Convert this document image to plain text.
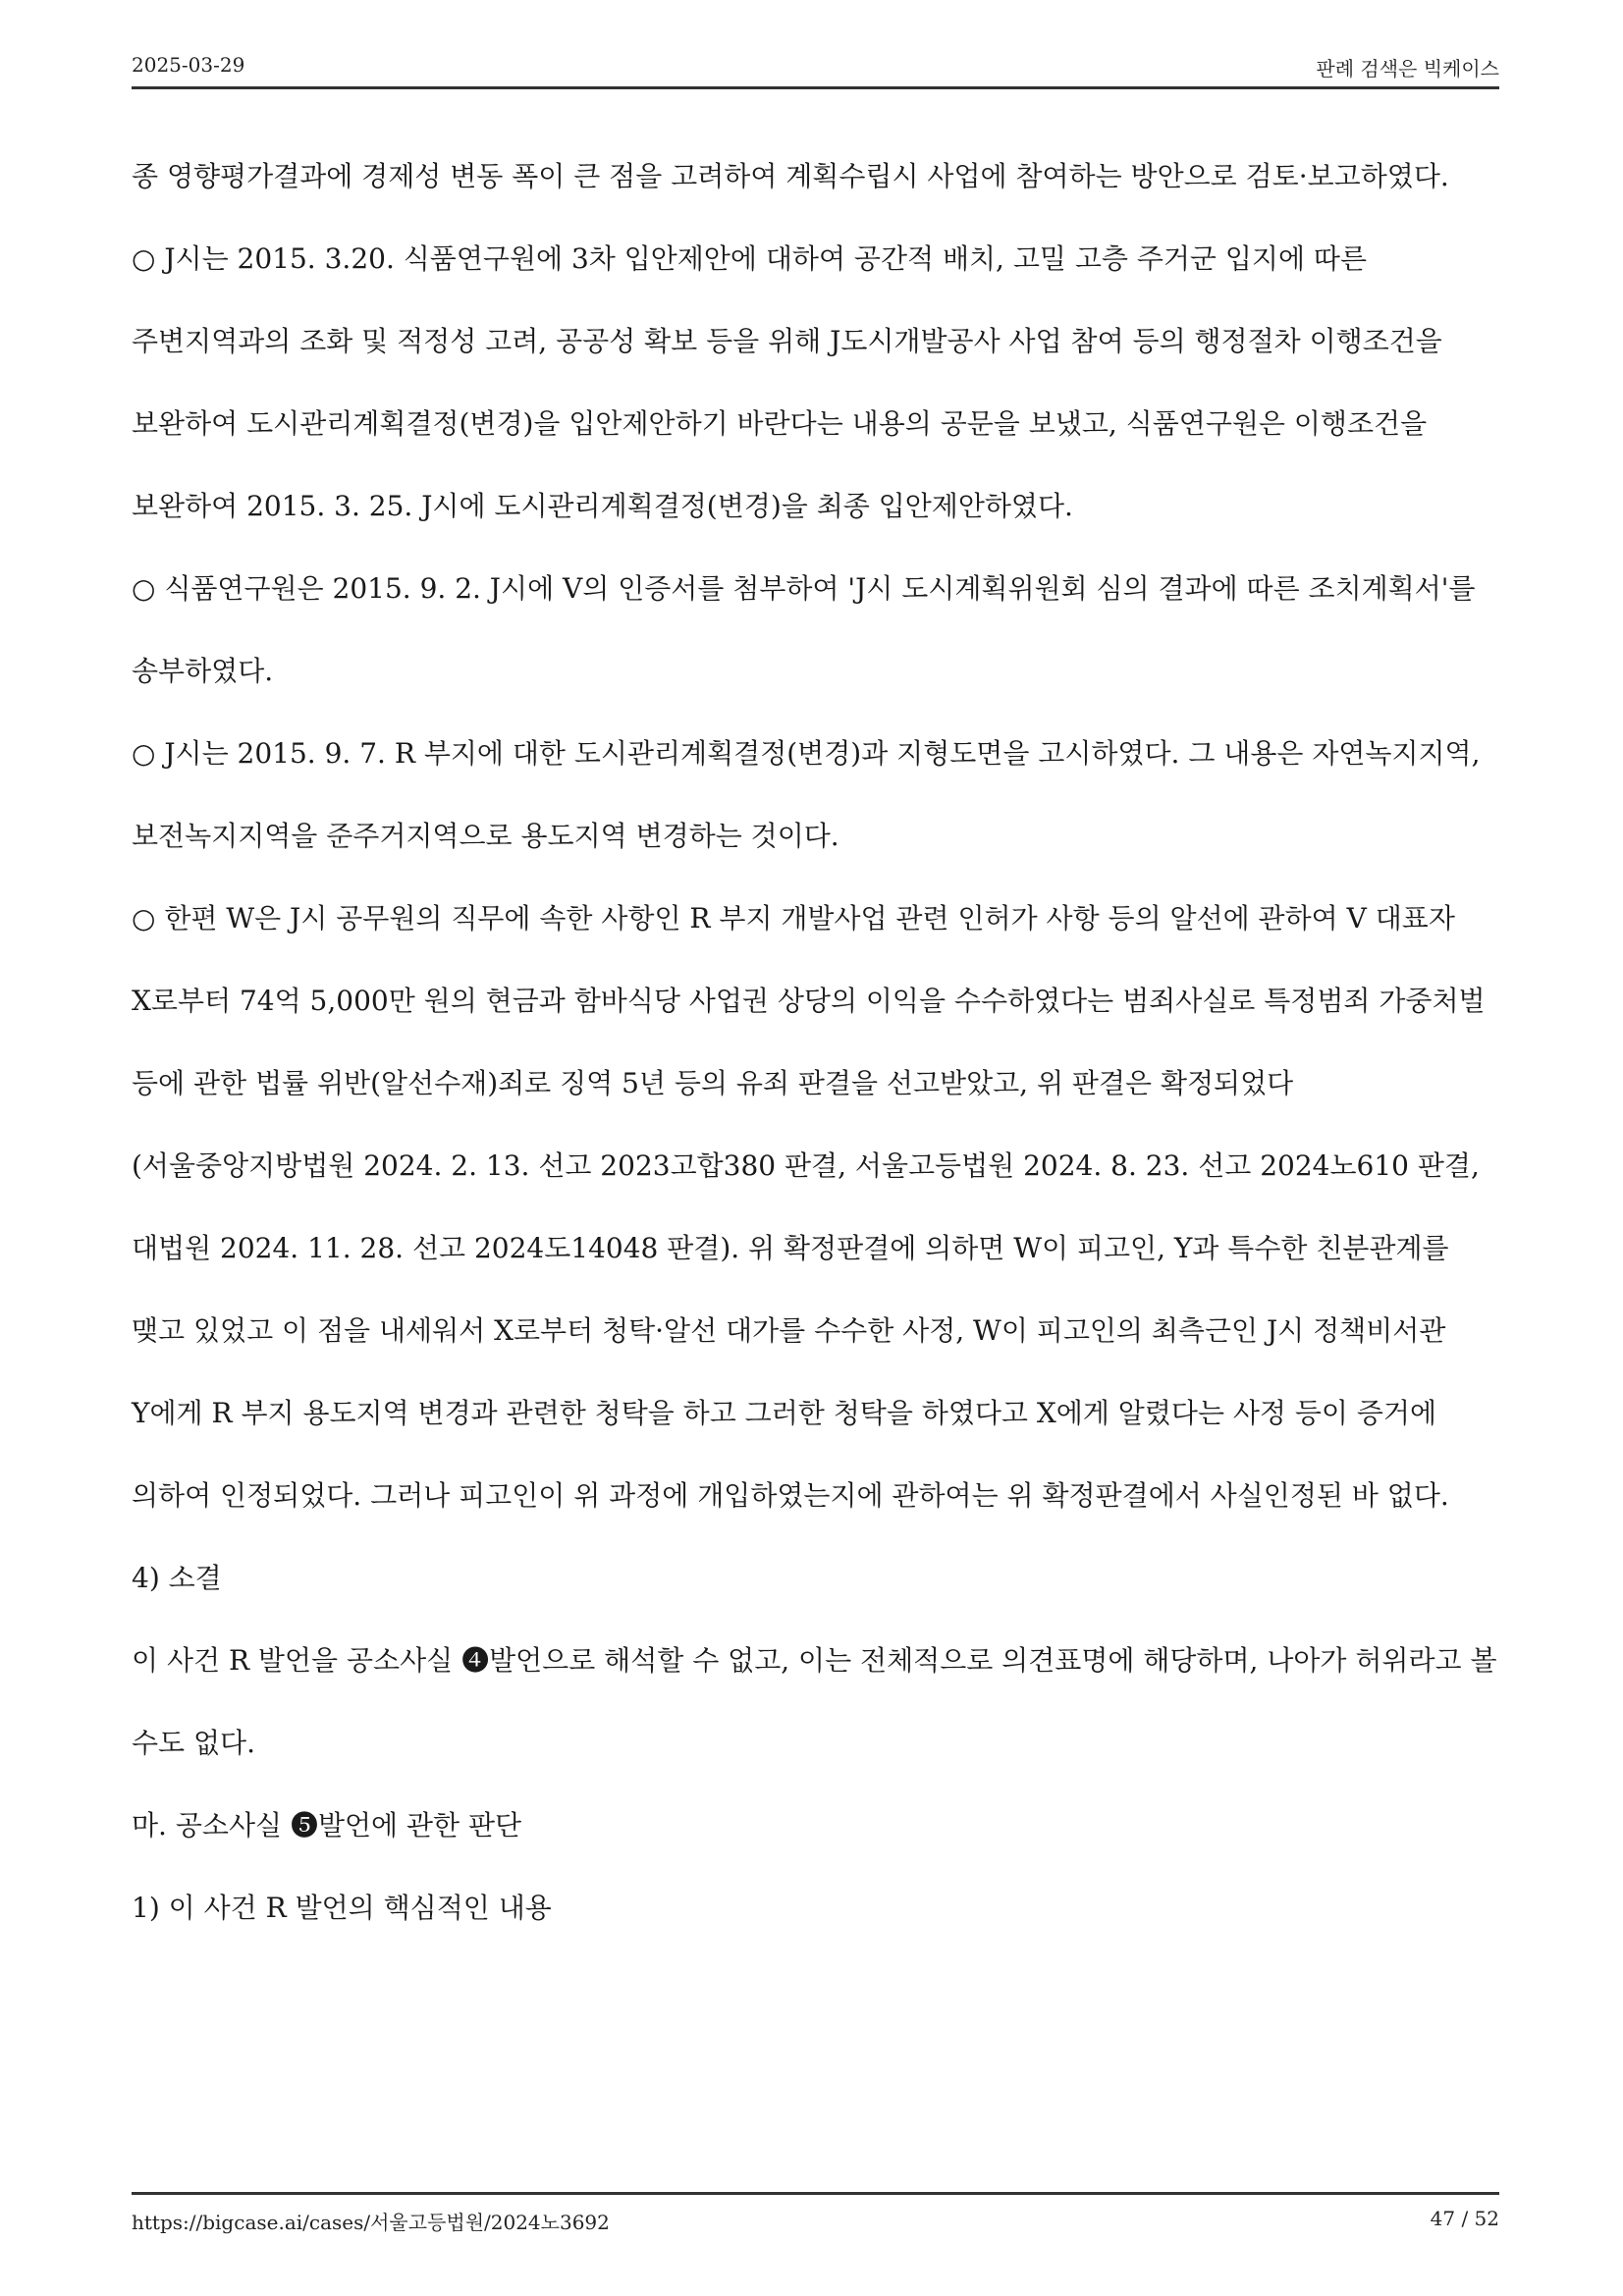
2025-03-29	판례 검색은 빅케이스

종 영향평가결과에 경제성 변동 폭이 큰 점을 고려하여 계획수립시 사업에 참여하는 방안으로 검토·보고하였다.

○ J시는 2015. 3.20. 식품연구원에 3차 입안제안에 대하여 공간적 배치, 고밀 고층 주거군 입지에 따른 주변지역과의 조화 및 적정성 고려, 공공성 확보 등을 위해 J도시개발공사 사업 참여 등의 행정절차 이행조건을 보완하여 도시관리계획결정(변경)을 입안제안하기 바란다는 내용의 공문을 보냈고, 식품연구원은 이행조건을 보완하여 2015. 3. 25. J시에 도시관리계획결정(변경)을 최종 입안제안하였다.

○ 식품연구원은 2015. 9. 2. J시에 V의 인증서를 첨부하여 'J시 도시계획위원회 심의 결과에 따른 조치계획서'를 송부하였다.

○ J시는 2015. 9. 7. R 부지에 대한 도시관리계획결정(변경)과 지형도면을 고시하였다. 그 내용은 자연녹지지역, 보전녹지지역을 준주거지역으로 용도지역 변경하는 것이다.

○ 한편 W은 J시 공무원의 직무에 속한 사항인 R 부지 개발사업 관련 인허가 사항 등의 알선에 관하여 V 대표자 X로부터 74억 5,000만 원의 현금과 함바식당 사업권 상당의 이익을 수수하였다는 범죄사실로 특정범죄 가중처벌 등에 관한 법률 위반(알선수재)죄로 징역 5년 등의 유죄 판결을 선고받았고, 위 판결은 확정되었다(서울중앙지방법원 2024. 2. 13. 선고 2023고합380 판결, 서울고등법원 2024. 8. 23. 선고 2024노610 판결, 대법원 2024. 11. 28. 선고 2024도14048 판결). 위 확정판결에 의하면 W이 피고인, Y과 특수한 친분관계를 맺고 있었고 이 점을 내세워서 X로부터 청탁·알선 대가를 수수한 사정, W이 피고인의 최측근인 J시 정책비서관 Y에게 R 부지 용도지역 변경과 관련한 청탁을 하고 그러한 청탁을 하였다고 X에게 알렸다는 사정 등이 증거에 의하여 인정되었다. 그러나 피고인이 위 과정에 개입하였는지에 관하여는 위 확정판결에서 사실인정된 바 없다.

4) 소결

이 사건 R 발언을 공소사실 ❹발언으로 해석할 수 없고, 이는 전체적으로 의견표명에 해당하며, 나아가 허위라고 볼 수도 없다.

마. 공소사실 ❺발언에 관한 판단

1) 이 사건 R 발언의 핵심적인 내용

https://bigcase.ai/cases/서울고등법원/2024노3692	47 / 52
